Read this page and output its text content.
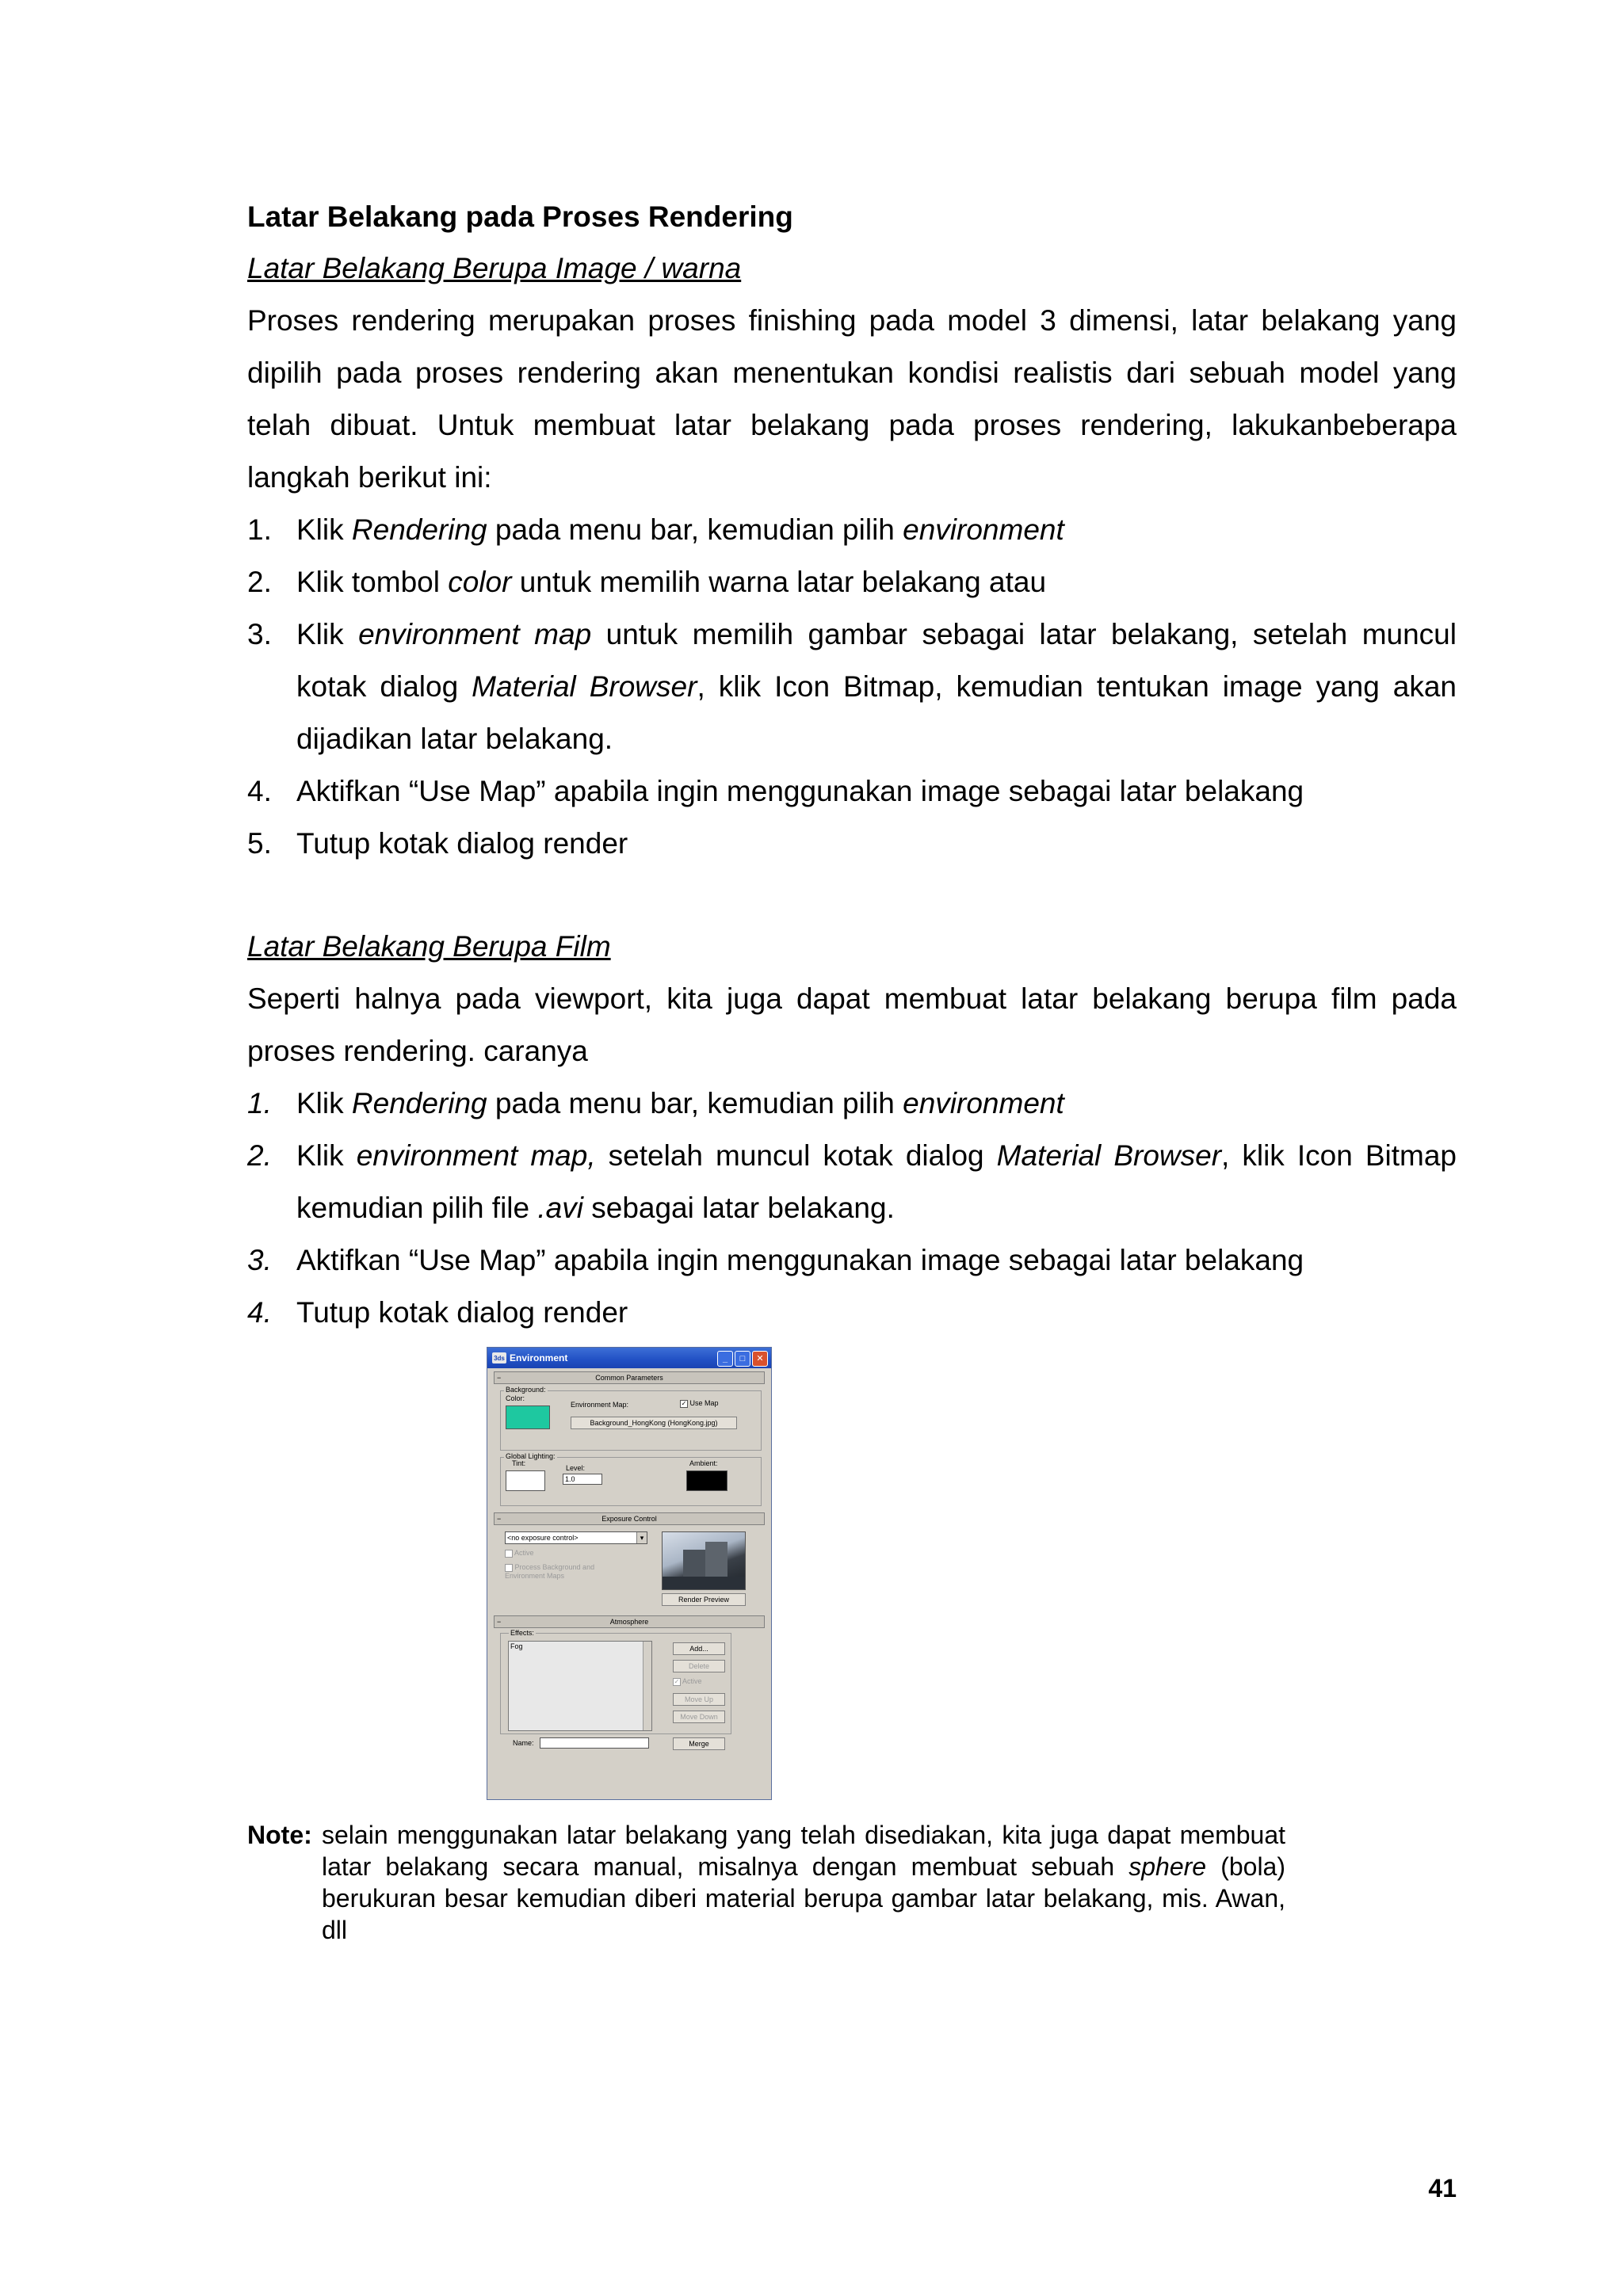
Latar Belakang pada Proses Rendering

Latar Belakang Berupa Image / warna

Proses rendering merupakan proses finishing pada model 3 dimensi, latar belakang yang dipilih pada proses rendering akan menentukan kondisi realistis dari sebuah model yang telah dibuat. Untuk membuat latar belakang pada proses rendering, lakukanbeberapa langkah berikut ini:

1. Klik Rendering pada menu bar, kemudian pilih environment
2. Klik tombol color untuk memilih warna latar belakang atau
3. Klik environment map untuk memilih gambar sebagai latar belakang, setelah muncul kotak dialog Material Browser, klik Icon Bitmap, kemudian tentukan image yang akan dijadikan latar belakang.
4. Aktifkan “Use Map” apabila ingin menggunakan image sebagai latar belakang
5. Tutup kotak dialog render

Latar Belakang Berupa Film

Seperti halnya pada viewport, kita juga dapat membuat latar belakang berupa film pada proses rendering. caranya

1. Klik Rendering pada menu bar, kemudian pilih environment
2. Klik environment map, setelah muncul kotak dialog Material Browser, klik Icon Bitmap kemudian pilih file .avi sebagai latar belakang.
3. Aktifkan “Use Map” apabila ingin menggunakan image sebagai latar belakang
4. Tutup kotak dialog render
3ds Environment	_	□	✕
−	Common Parameters
Background:
Color:
Environment Map:	✓ Use Map
Background_HongKong (HongKong.jpg)
Global Lighting:
Tint:
Level:
1.0
Ambient:
−	Exposure Control
<no exposure control>	▾
Active
Process Background and Environment Maps
Render Preview
−	Atmosphere
Effects:
Fog	Add...
Delete
✓ Active
Move Up
Move Down
Name:	Merge
Note: selain menggunakan latar belakang yang telah disediakan, kita juga dapat membuat latar belakang secara manual, misalnya dengan membuat sebuah sphere (bola) berukuran besar kemudian diberi material berupa gambar latar belakang, mis. Awan, dll
41
